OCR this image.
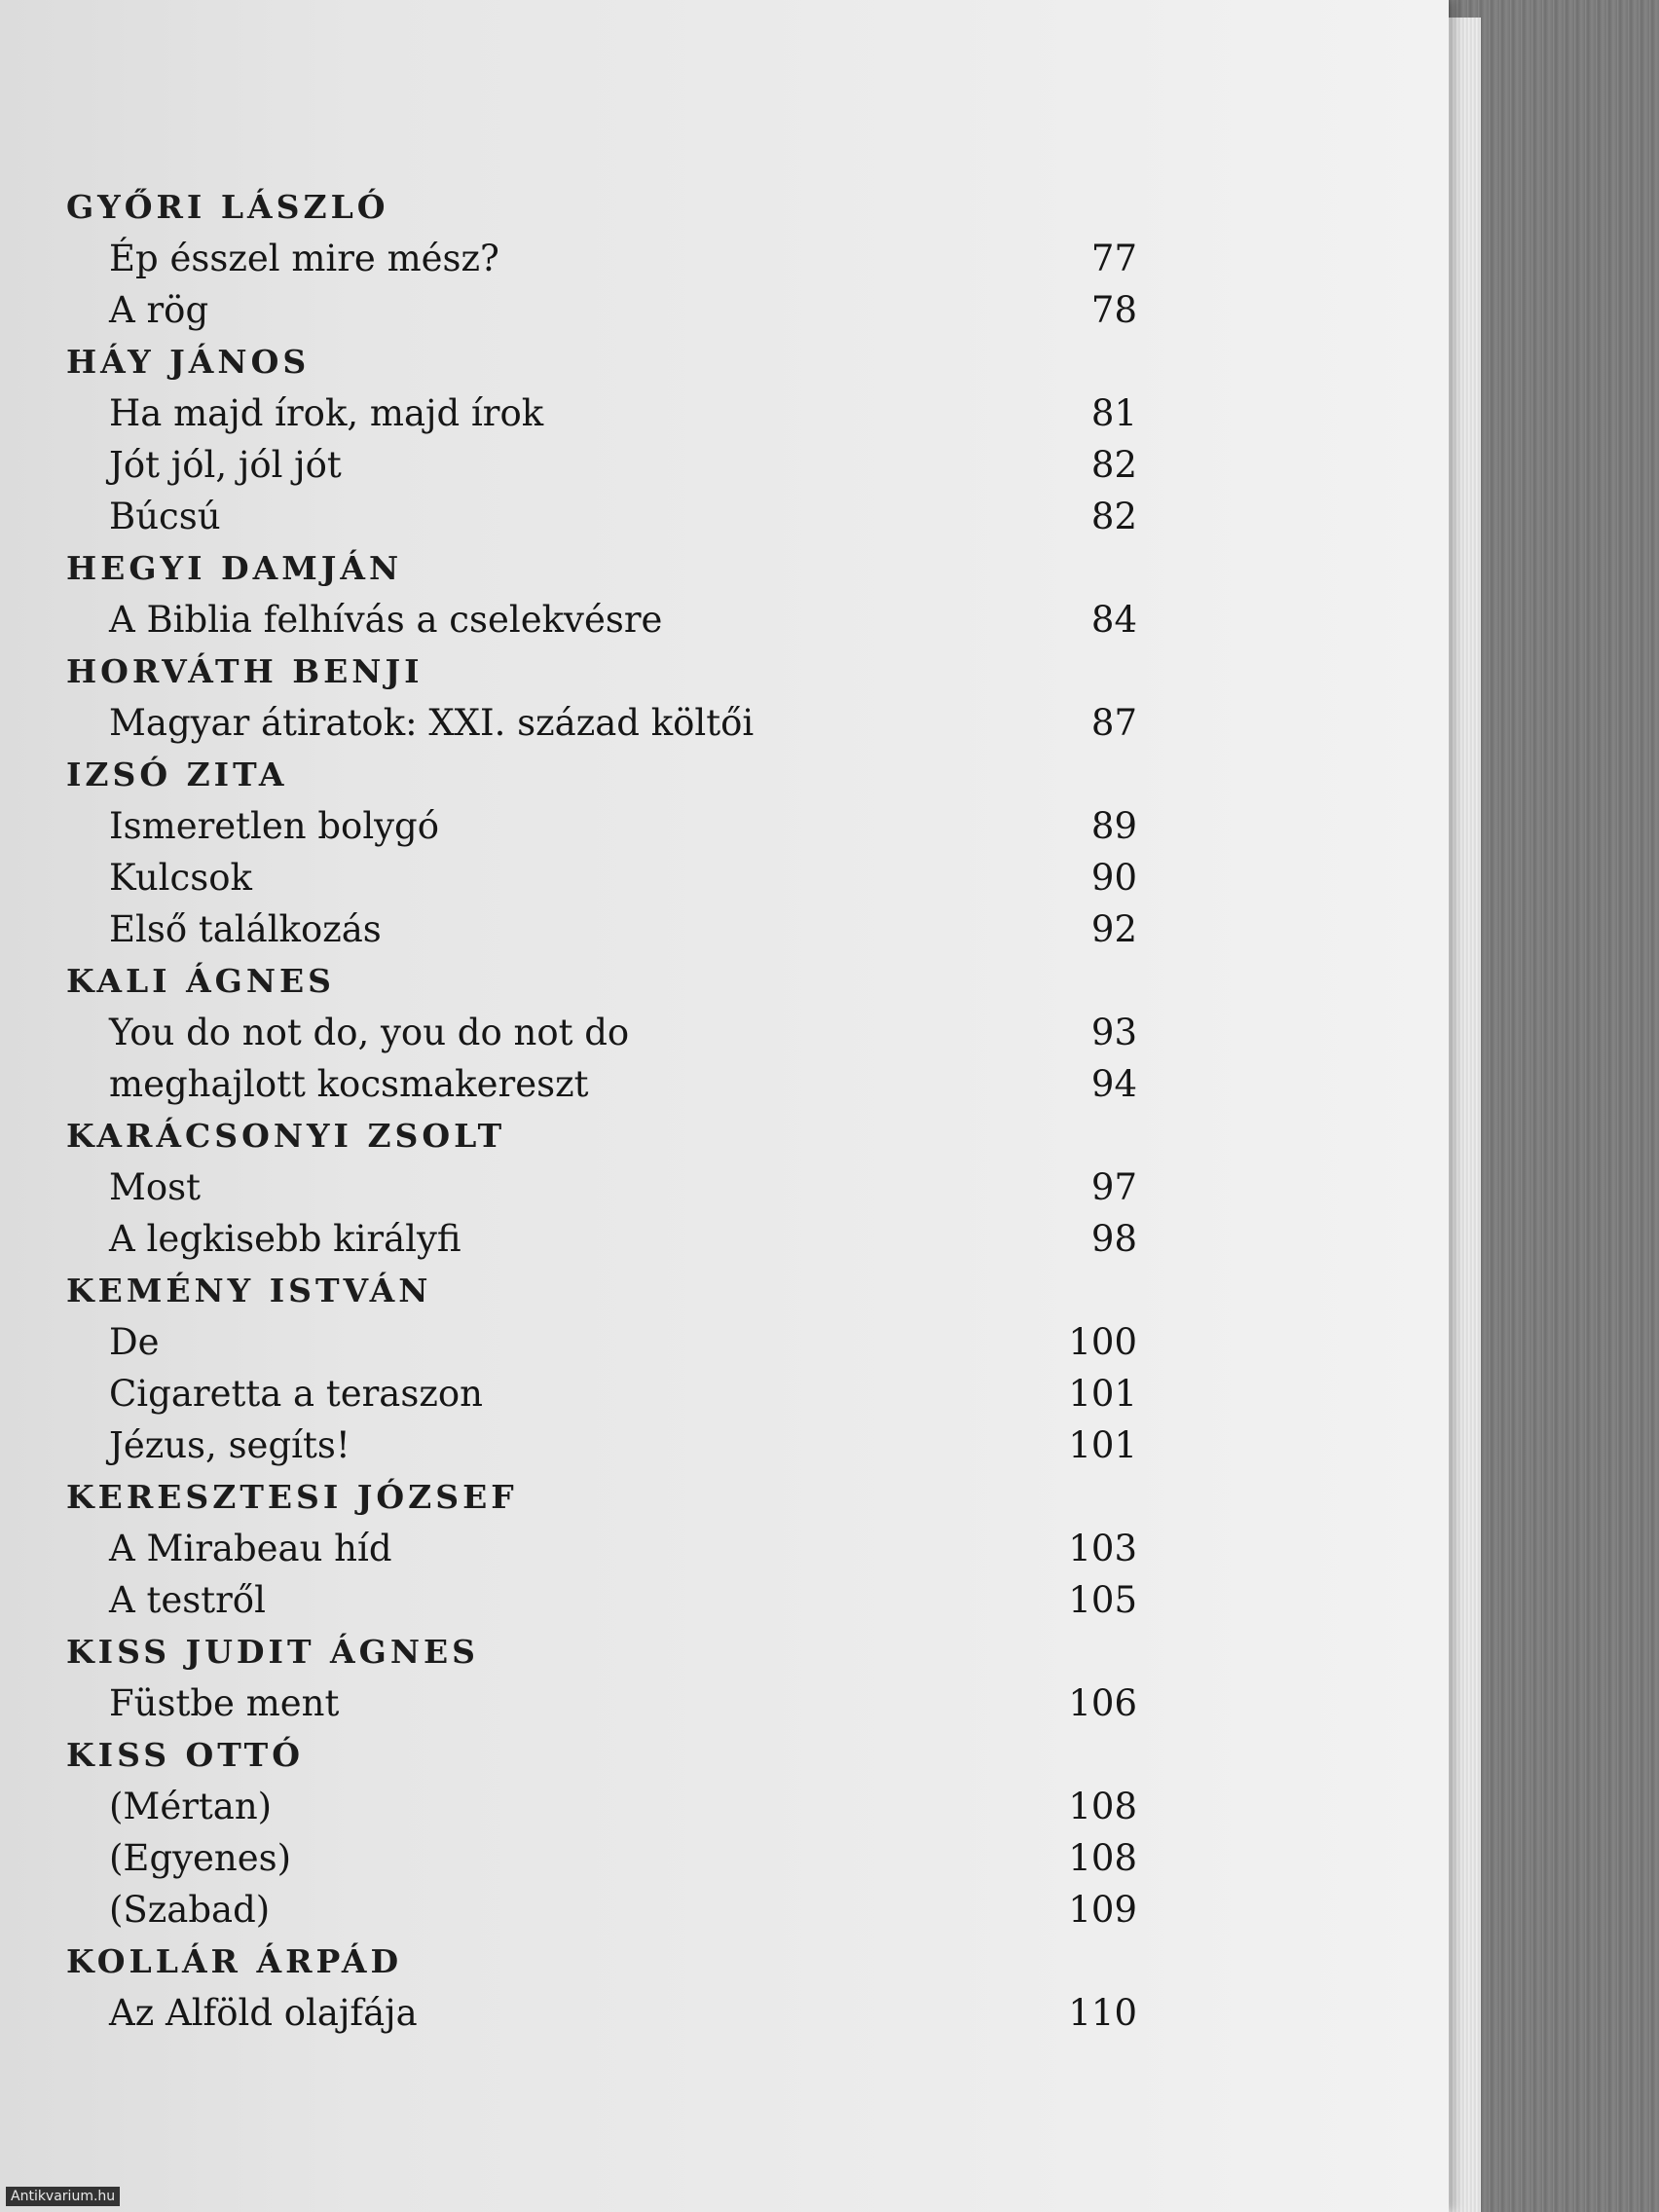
GYŐRI LÁSZLÓ
Ép ésszel mire mész?	77
A rög	78
HÁY JÁNOS
Ha majd írok, majd írok	81
Jót jól, jól jót	82
Búcsú	82
HEGYI DAMJÁN
A Biblia felhívás a cselekvésre	84
HORVÁTH BENJI
Magyar átiratok: XXI. század költői	87
IZSÓ ZITA
Ismeretlen bolygó	89
Kulcsok	90
Első találkozás	92
KALI ÁGNES
You do not do, you do not do	93
meghajlott kocsmakereszt	94
KARÁCSONYI ZSOLT
Most	97
A legkisebb királyfi	98
KEMÉNY ISTVÁN
De	100
Cigaretta a teraszon	101
Jézus, segíts!	101
KERESZTESI JÓZSEF
A Mirabeau híd	103
A testről	105
KISS JUDIT ÁGNES
Füstbe ment	106
KISS OTTÓ
(Mértan)	108
(Egyenes)	108
(Szabad)	109
KOLLÁR ÁRPÁD
Az Alföld olajfája	110
Antikvarium.hu
